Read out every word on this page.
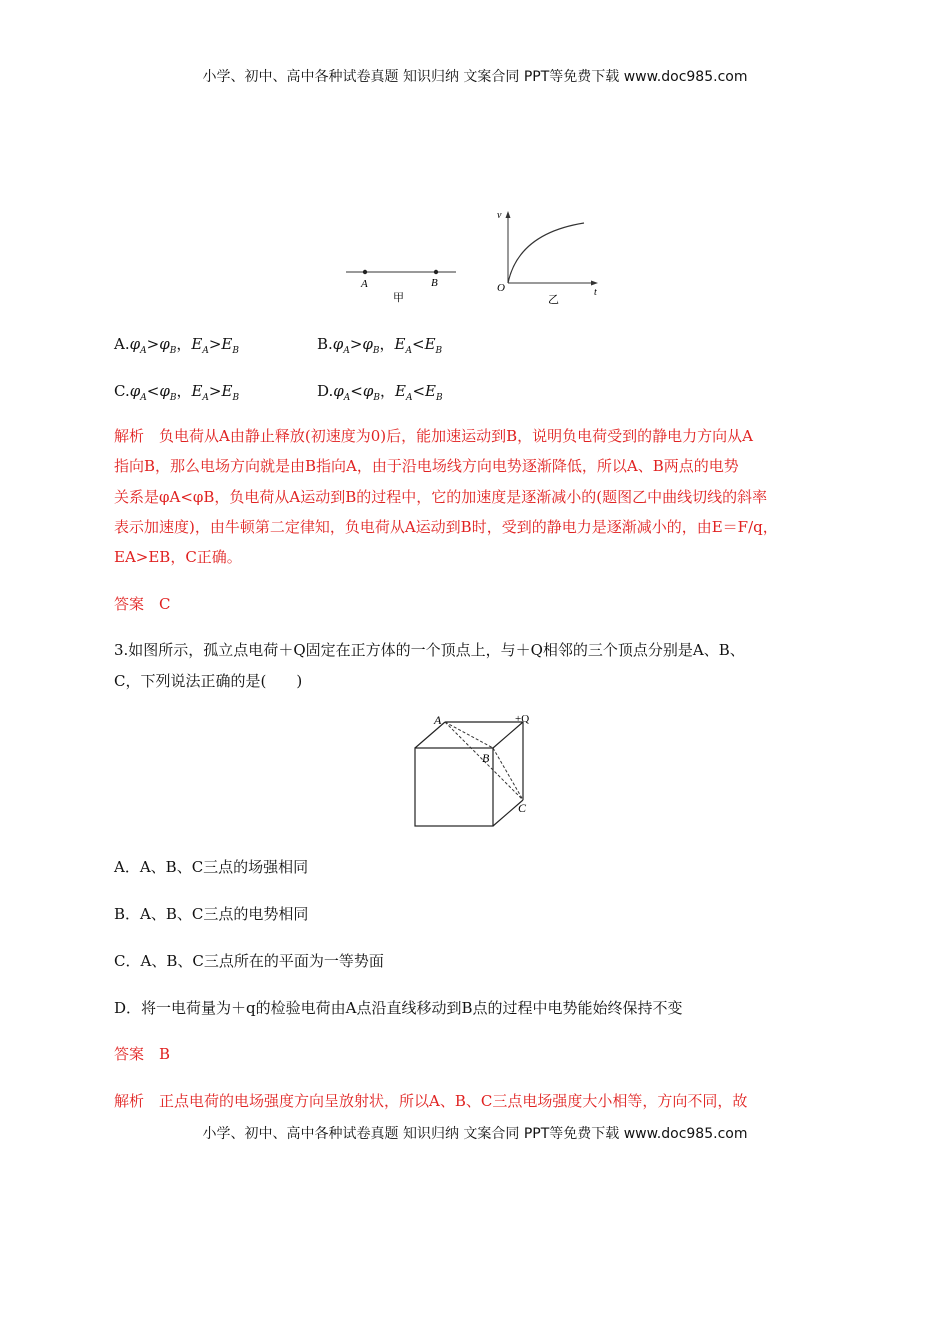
小学、初中、高中各种试卷真题 知识归纳 文案合同 PPT等免费下载 www.doc985.com
A	B
甲
v
t
O
乙
$A.\varphi_A>\varphi_B$，$E_A>E_B$	$B.\varphi_A>\varphi_B$，$E_A<E_B$
$C.\varphi_A<\varphi_B$，$E_A>E_B$	$D.\varphi_A<\varphi_B$，$E_A<E_B$
解析　 负电荷从A由静止释放(初速度为0)后，能加速运动到B，说明负电荷受到的静电力方向从A
指向B，那么电场方向就是由B指向A，由于沿电场线方向电势逐渐降低，所以A、B两点的电势
关系是φA<φB，负电荷从A运动到B的过程中，它的加速度是逐渐减小的(题图乙中曲线切线的斜率
表示加速度)，由牛顿第二定律知，负电荷从A运动到B时，受到的静电力是逐渐减小的，由E＝F/q，
EA>EB，C正确。
答案　 C
3.如图所示，孤立点电荷＋Q固定在正方体的一个顶点上，与＋Q相邻的三个顶点分别是A、B、
C，下列说法正确的是(　　)
A
B
C
+Q
A．A、B、C三点的场强相同
B．A、B、C三点的电势相同
C．A、B、C三点所在的平面为一等势面
D．将一电荷量为＋q的检验电荷由A点沿直线移动到B点的过程中电势能始终保持不变
答案　 B
解析　 正点电荷的电场强度方向呈放射状，所以A、B、C三点电场强度大小相等，方向不同，故
小学、初中、高中各种试卷真题 知识归纳 文案合同 PPT等免费下载 www.doc985.com
